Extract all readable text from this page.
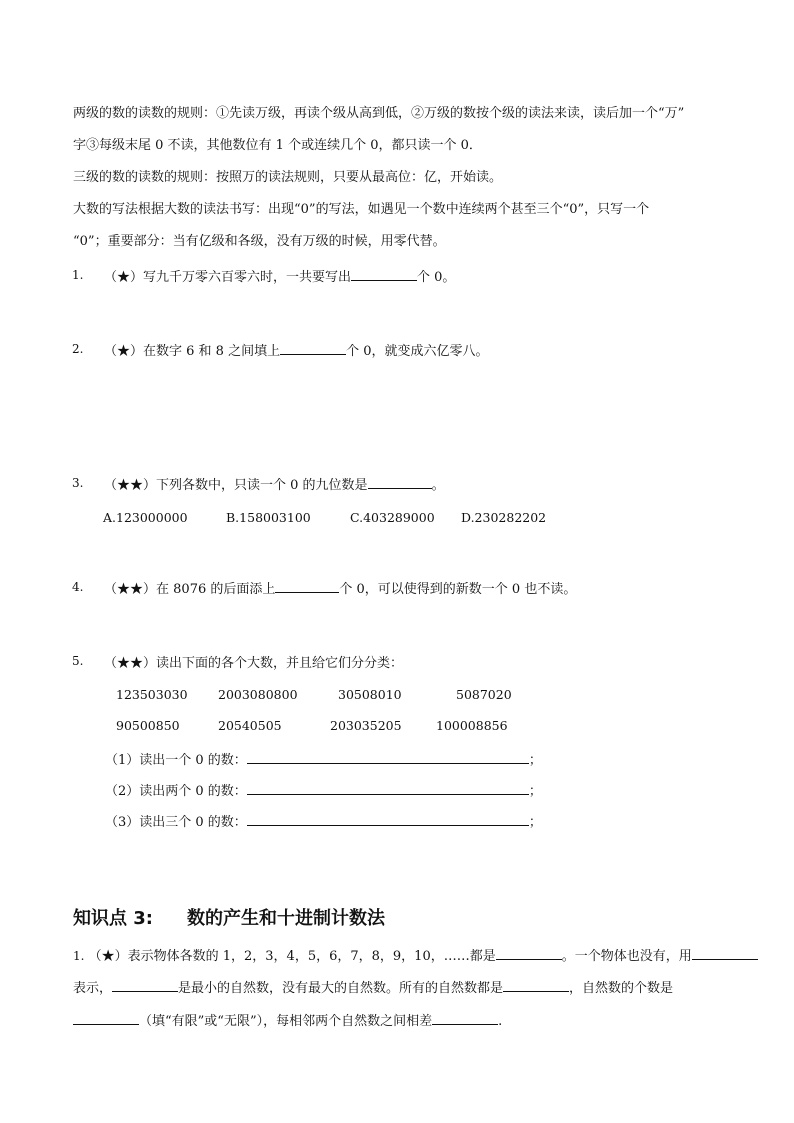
两级的数的读数的规则：①先读万级，再读个级从高到低，②万级的数按个级的读法来读，读后加一个“万”
字③每级末尾 0 不读，其他数位有 1 个或连续几个 0，都只读一个 0．
三级的数的读数的规则：按照万的读法规则，只要从最高位：亿，开始读。
大数的写法根据大数的读法书写：出现“0”的写法，如遇见一个数中连续两个甚至三个“0”，只写一个
“0”；重要部分：当有亿级和各级，没有万级的时候，用零代替。
1. （★）写九千万零六百零六时，一共要写出	个 0。
2. （★）在数字 6 和 8 之间填上	个 0，就变成六亿零八。
3. （★★）下列各数中，只读一个 0 的九位数是	。
A.123000000	B.158003100	C.403289000 D.230282202
4. （★★）在 8076 的后面添上	个 0，可以使得到的新数一个 0 也不读。
5. （★★）读出下面的各个大数，并且给它们分分类：
123503030 2003080800	30508010	5087020
90500850	20540505	203035205	100008856
（1）读出一个 0 的数：	；
（2）读出两个 0 的数：	；
（3）读出三个 0 的数：	；
知识点 3: 数的产生和十进制计数法
1. （★）表示物体各数的 1，2，3，4，5，6，7，8，9，10，……都是	。一个物体也没有，用
表示，	是最小的自然数，没有最大的自然数。所有的自然数都是	，自然数的个数是
（填“有限”或“无限”），每相邻两个自然数之间相差	.
